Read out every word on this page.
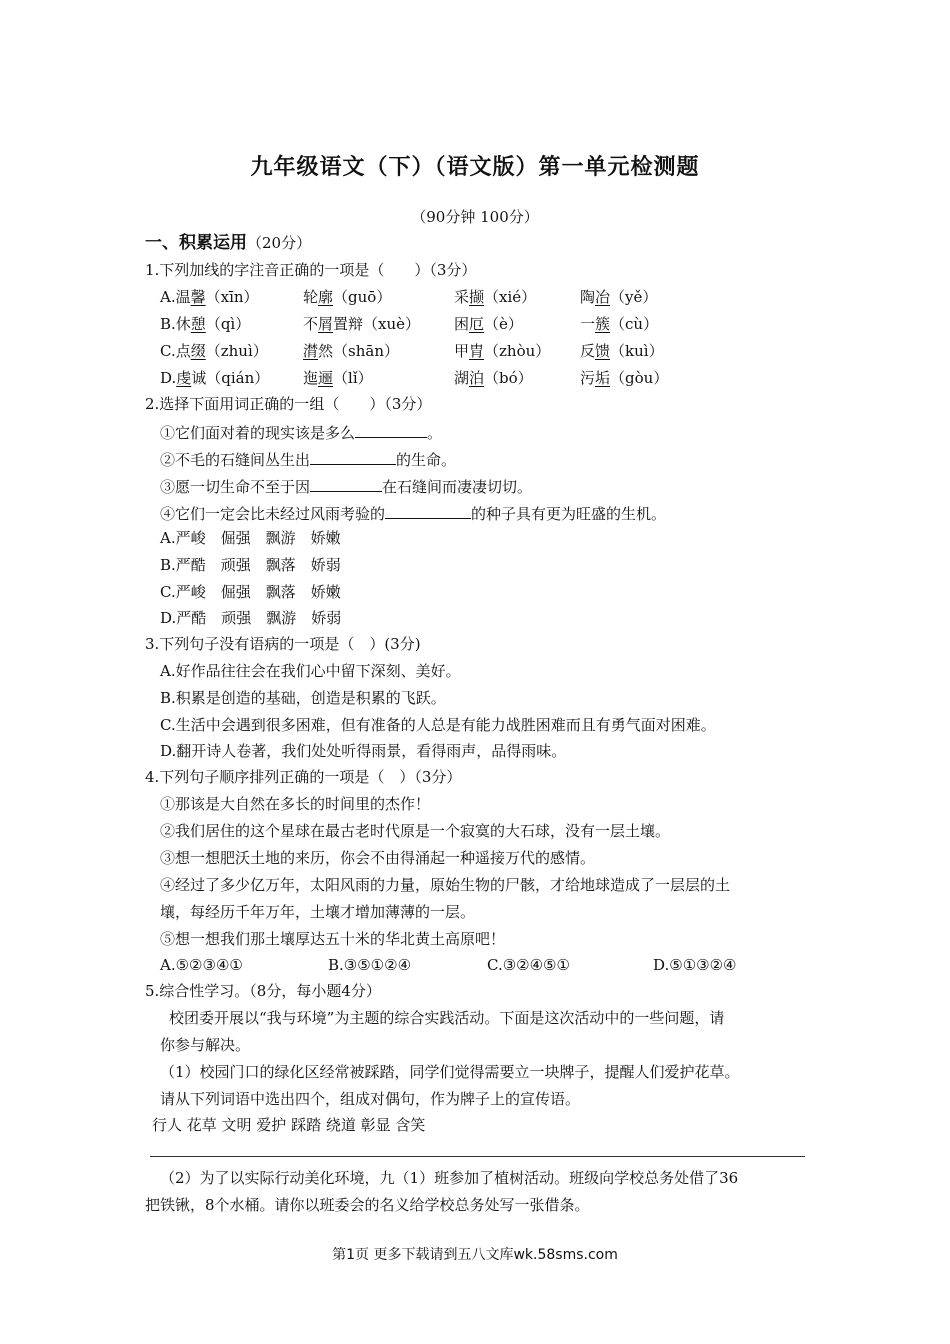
九年级语文（下）（语文版）第一单元检测题
（90分钟 100分）
一、积累运用（20分）
1.下列加线的字注音正确的一项是（　　）（3分）
A.温馨（xīn）	轮廓（guō）	采撷（xié）	陶冶（yě）
B.休憩（qì）	不屑置辩（xuè） 困厄（è）	一簇（cù）
C.点缀（zhuì） 潸然（shān）	甲胄（zhòu） 反馈（kuì）
D.虔诚（qián） 迤逦（lǐ）	湖泊（bó）	污垢（gòu）
2.选择下面用词正确的一组（　　）（3分）
①它们面对着的现实该是多么	。
②不毛的石缝间丛生出	的生命。
③愿一切生命不至于因	在石缝间而凄凄切切。
④它们一定会比未经过风雨考验的	的种子具有更为旺盛的生机。
A.严峻　倔强　飘游　娇嫩
B.严酷　顽强　飘落　娇弱
C.严峻　倔强　飘落　娇嫩
D.严酷　顽强　飘游　娇弱
3.下列句子没有语病的一项是（　）(3分)
A.好作品往往会在我们心中留下深刻、美好。
B.积累是创造的基础，创造是积累的飞跃。
C.生活中会遇到很多困难，但有准备的人总是有能力战胜困难而且有勇气面对困难。
D.翻开诗人卷著，我们处处听得雨景，看得雨声，品得雨味。
4.下列句子顺序排列正确的一项是（　）（3分）
①那该是大自然在多长的时间里的杰作！
②我们居住的这个星球在最古老时代原是一个寂寞的大石球，没有一层土壤。
③想一想肥沃土地的来历，你会不由得涌起一种遥接万代的感情。
④经过了多少亿万年，太阳风雨的力量，原始生物的尸骸，才给地球造成了一层层的土
壤，每经历千年万年，土壤才增加薄薄的一层。
⑤想一想我们那土壤厚达五十米的华北黄土高原吧！
A.⑤②③④①	B.③⑤①②④	C.③②④⑤①	D.⑤①③②④
5.综合性学习。（8分，每小题4分）
校团委开展以“我与环境”为主题的综合实践活动。下面是这次活动中的一些问题，请
你参与解决。
（1）校园门口的绿化区经常被踩踏，同学们觉得需要立一块牌子，提醒人们爱护花草。
请从下列词语中选出四个，组成对偶句，作为牌子上的宣传语。
行人 花草 文明 爱护 踩踏 绕道 彰显 含笑
（2）为了以实际行动美化环境，九（1）班参加了植树活动。班级向学校总务处借了36
把铁锹，8个水桶。请你以班委会的名义给学校总务处写一张借条。
第1页 更多下载请到五八文库wk.58sms.com
